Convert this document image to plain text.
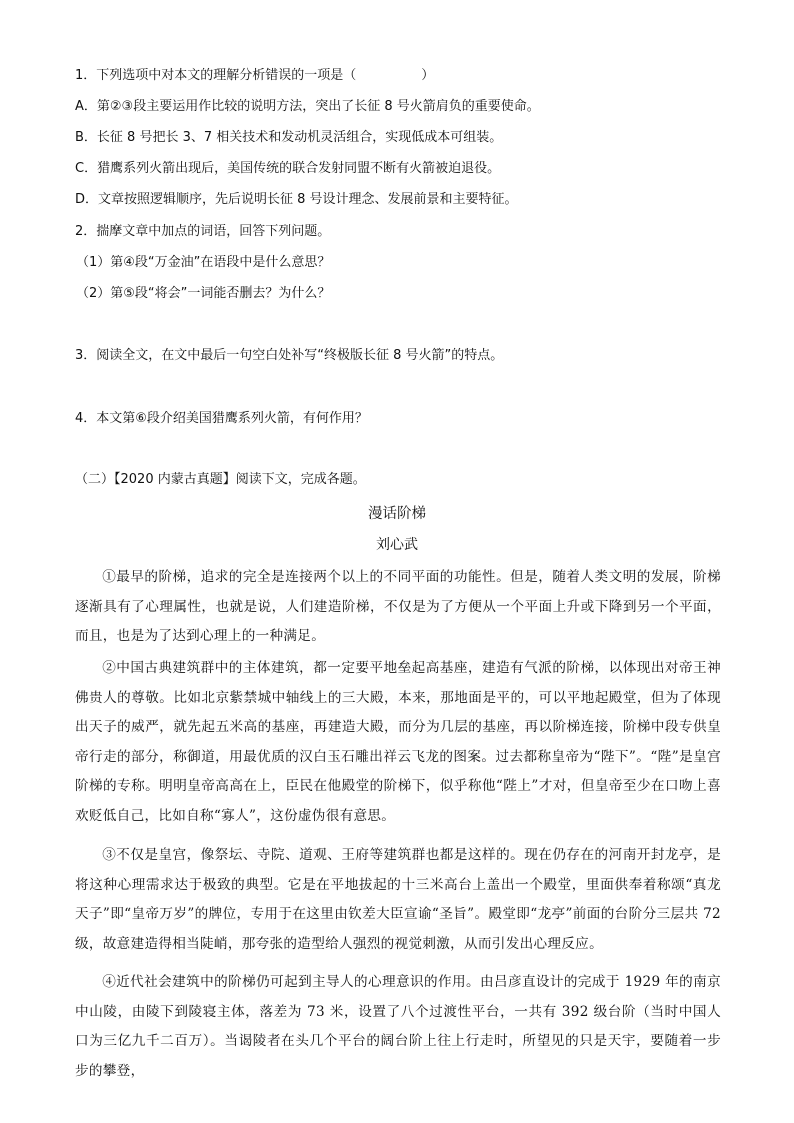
1．下列选项中对本文的理解分析错误的一项是（　　　　　）
A．第②③段主要运用作比较的说明方法，突出了长征 8 号火箭肩负的重要使命。
B．长征 8 号把长 3、7 相关技术和发动机灵活组合，实现低成本可组装。
C．猎鹰系列火箭出现后，美国传统的联合发射同盟不断有火箭被迫退役。
D．文章按照逻辑顺序，先后说明长征 8 号设计理念、发展前景和主要特征。
2．揣摩文章中加点的词语，回答下列问题。
（1）第④段“万金油”在语段中是什么意思？
（2）第⑤段“将会”一词能否删去？为什么？
3．阅读全文，在文中最后一句空白处补写“终极版长征 8 号火箭”的特点。
4．本文第⑥段介绍美国猎鹰系列火箭，有何作用？
（二）【2020 内蒙古真题】阅读下文，完成各题。
漫话阶梯
刘心武
①最早的阶梯，追求的完全是连接两个以上的不同平面的功能性。但是，随着人类文明的发展，阶梯逐渐具有了心理属性，也就是说，人们建造阶梯，不仅是为了方便从一个平面上升或下降到另一个平面，而且，也是为了达到心理上的一种满足。
②中国古典建筑群中的主体建筑，都一定要平地垒起高基座，建造有气派的阶梯，以体现出对帝王神佛贵人的尊敬。比如北京紫禁城中轴线上的三大殿，本来，那地面是平的，可以平地起殿堂，但为了体现出天子的威严，就先起五米高的基座，再建造大殿，而分为几层的基座，再以阶梯连接，阶梯中段专供皇帝行走的部分，称御道，用最优质的汉白玉石雕出祥云飞龙的图案。过去都称皇帝为“陛下”。“陛”是皇宫阶梯的专称。明明皇帝高高在上，臣民在他殿堂的阶梯下，似乎称他“陛上”才对，但皇帝至少在口吻上喜欢贬低自己，比如自称“寡人”，这份虚伪很有意思。
③不仅是皇宫，像祭坛、寺院、道观、王府等建筑群也都是这样的。现在仍存在的河南开封龙亭，是将这种心理需求达于极致的典型。它是在平地拔起的十三米高台上盖出一个殿堂，里面供奉着称颂“真龙天子”即“皇帝万岁”的牌位，专用于在这里由钦差大臣宣谕“圣旨”。殿堂即“龙亭”前面的台阶分三层共 72 级，故意建造得相当陡峭，那夸张的造型给人强烈的视觉刺激，从而引发出心理反应。
④近代社会建筑中的阶梯仍可起到主导人的心理意识的作用。由吕彦直设计的完成于 1929 年的南京中山陵，由陵下到陵寝主体，落差为 73 米，设置了八个过渡性平台，一共有 392 级台阶（当时中国人口为三亿九千二百万）。当谒陵者在头几个平台的阔台阶上往上行走时，所望见的只是天宇，要随着一步步的攀登，
